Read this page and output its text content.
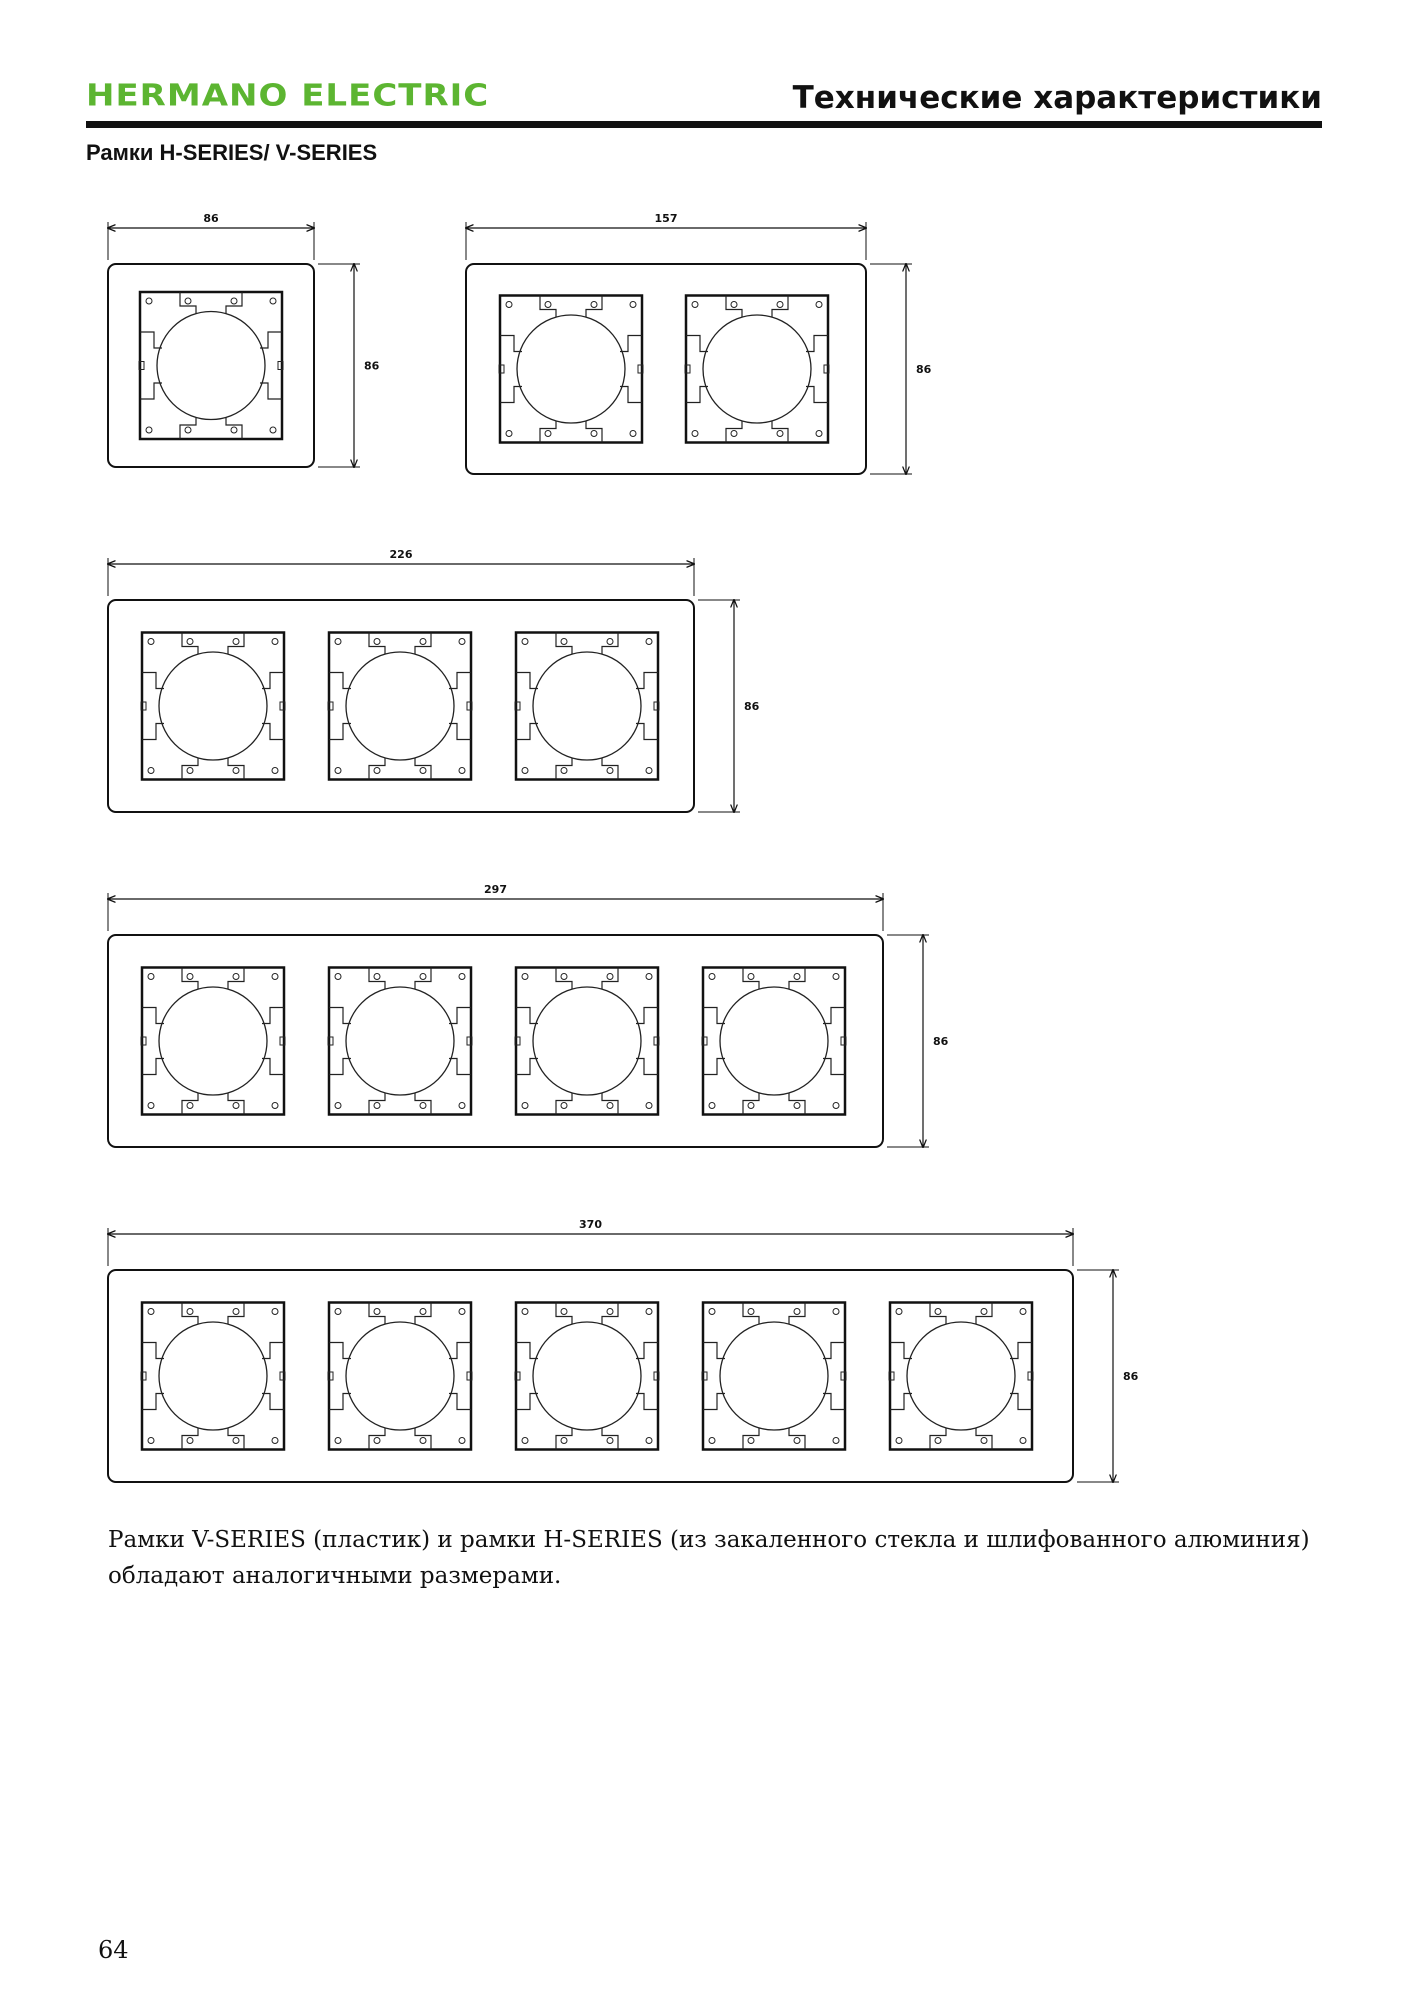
HERMANO ELECTRIC	Технические характеристики
Рамки H-SERIES/ V-SERIES
86
86
157
86
226
86
297
86
370
86
Рамки V-SERIES (пластик) и рамки H-SERIES (из закаленного стекла и шлифованного алюминия) обладают аналогичными размерами.
64
